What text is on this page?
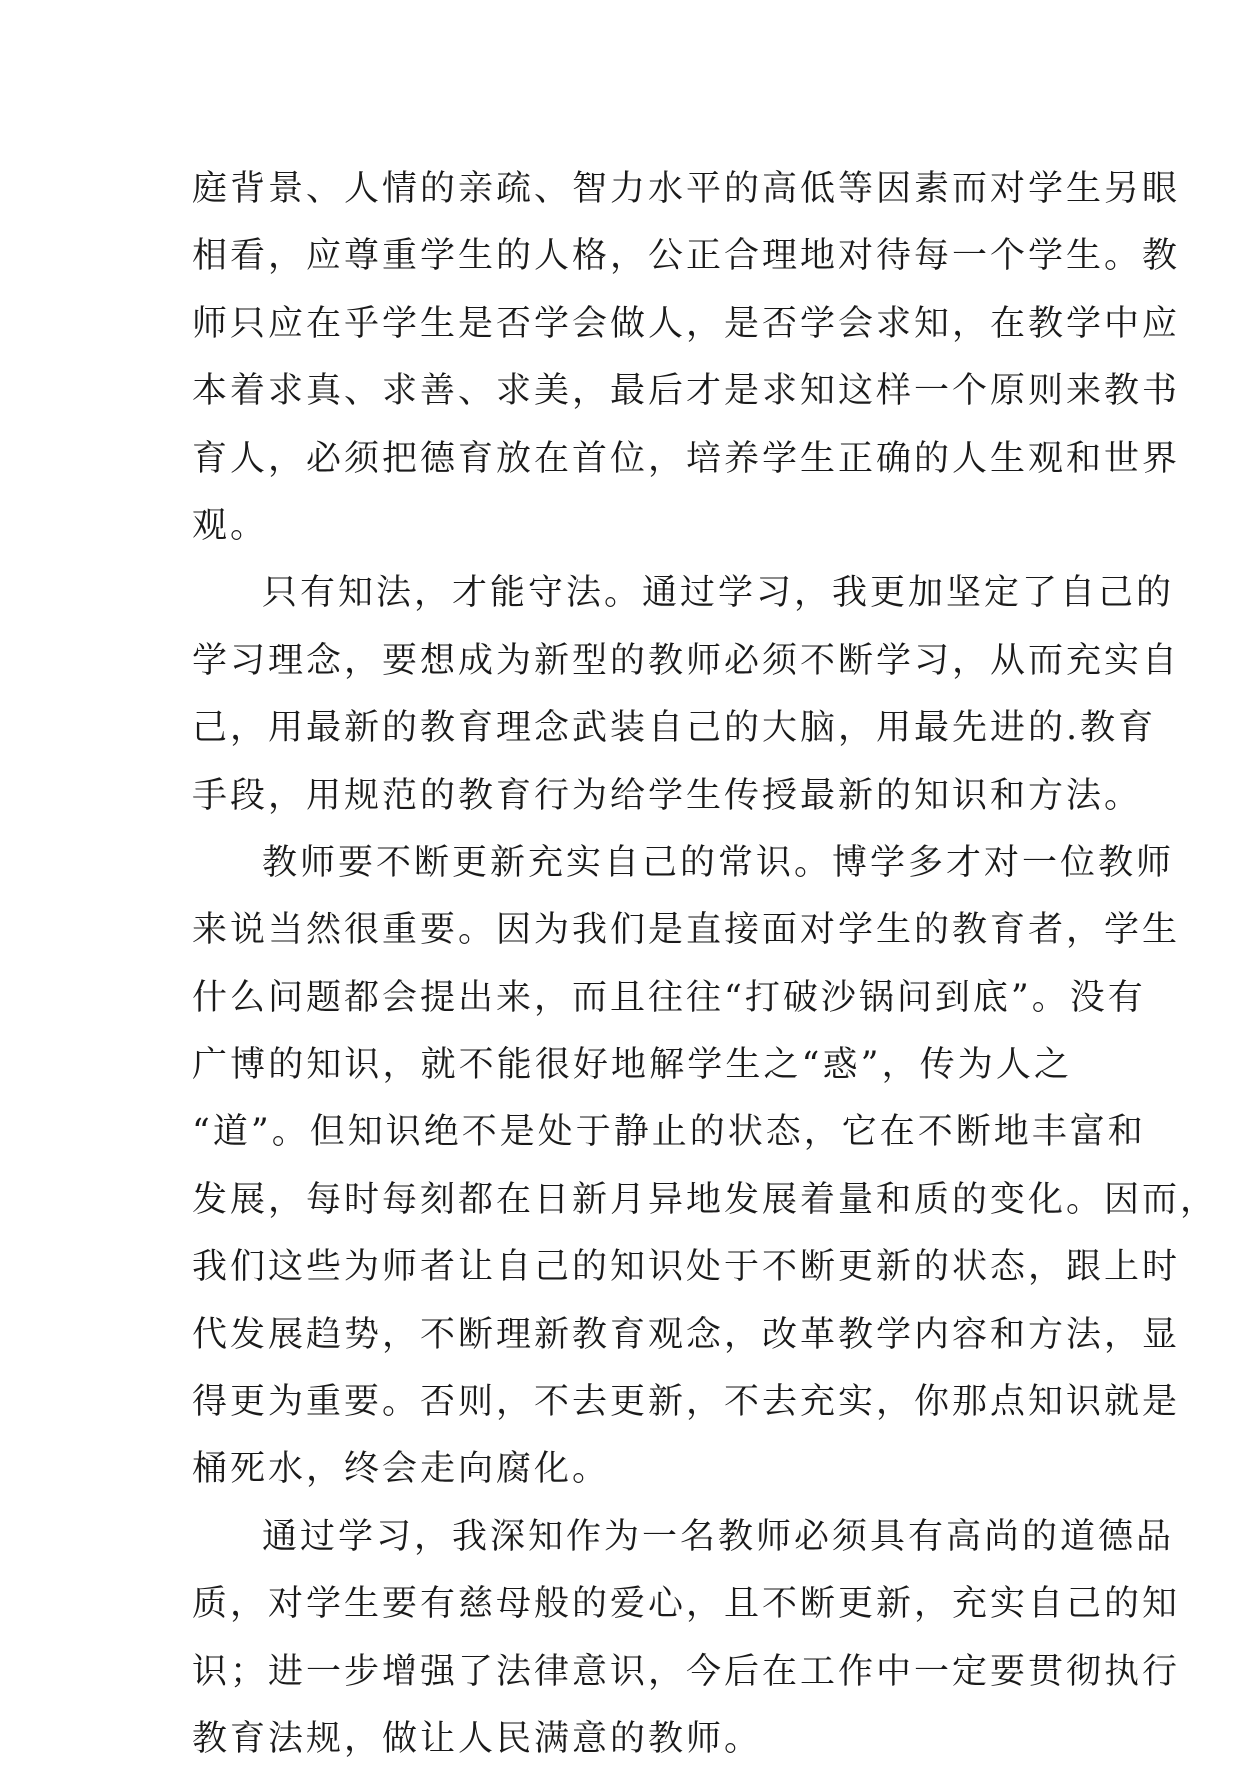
庭背景、人情的亲疏、智力水平的高低等因素而对学生另眼
相看，应尊重学生的人格，公正合理地对待每一个学生。教
师只应在乎学生是否学会做人，是否学会求知，在教学中应
本着求真、求善、求美，最后才是求知这样一个原则来教书
育人，必须把德育放在首位，培养学生正确的人生观和世界
观。
只有知法，才能守法。通过学习，我更加坚定了自己的
学习理念，要想成为新型的教师必须不断学习，从而充实自
己，用最新的教育理念武装自己的大脑，用最先进的.教育
手段，用规范的教育行为给学生传授最新的知识和方法。
教师要不断更新充实自己的常识。博学多才对一位教师
来说当然很重要。因为我们是直接面对学生的教育者，学生
什么问题都会提出来，而且往往“打破沙锅问到底”。没有
广博的知识，就不能很好地解学生之“惑”，传为人之
“道”。但知识绝不是处于静止的状态，它在不断地丰富和
发展，每时每刻都在日新月异地发展着量和质的变化。因而，
我们这些为师者让自己的知识处于不断更新的状态，跟上时
代发展趋势，不断理新教育观念，改革教学内容和方法，显
得更为重要。否则，不去更新，不去充实，你那点知识就是
桶死水，终会走向腐化。
通过学习，我深知作为一名教师必须具有高尚的道德品
质，对学生要有慈母般的爱心，且不断更新，充实自己的知
识；进一步增强了法律意识，今后在工作中一定要贯彻执行
教育法规，做让人民满意的教师。
